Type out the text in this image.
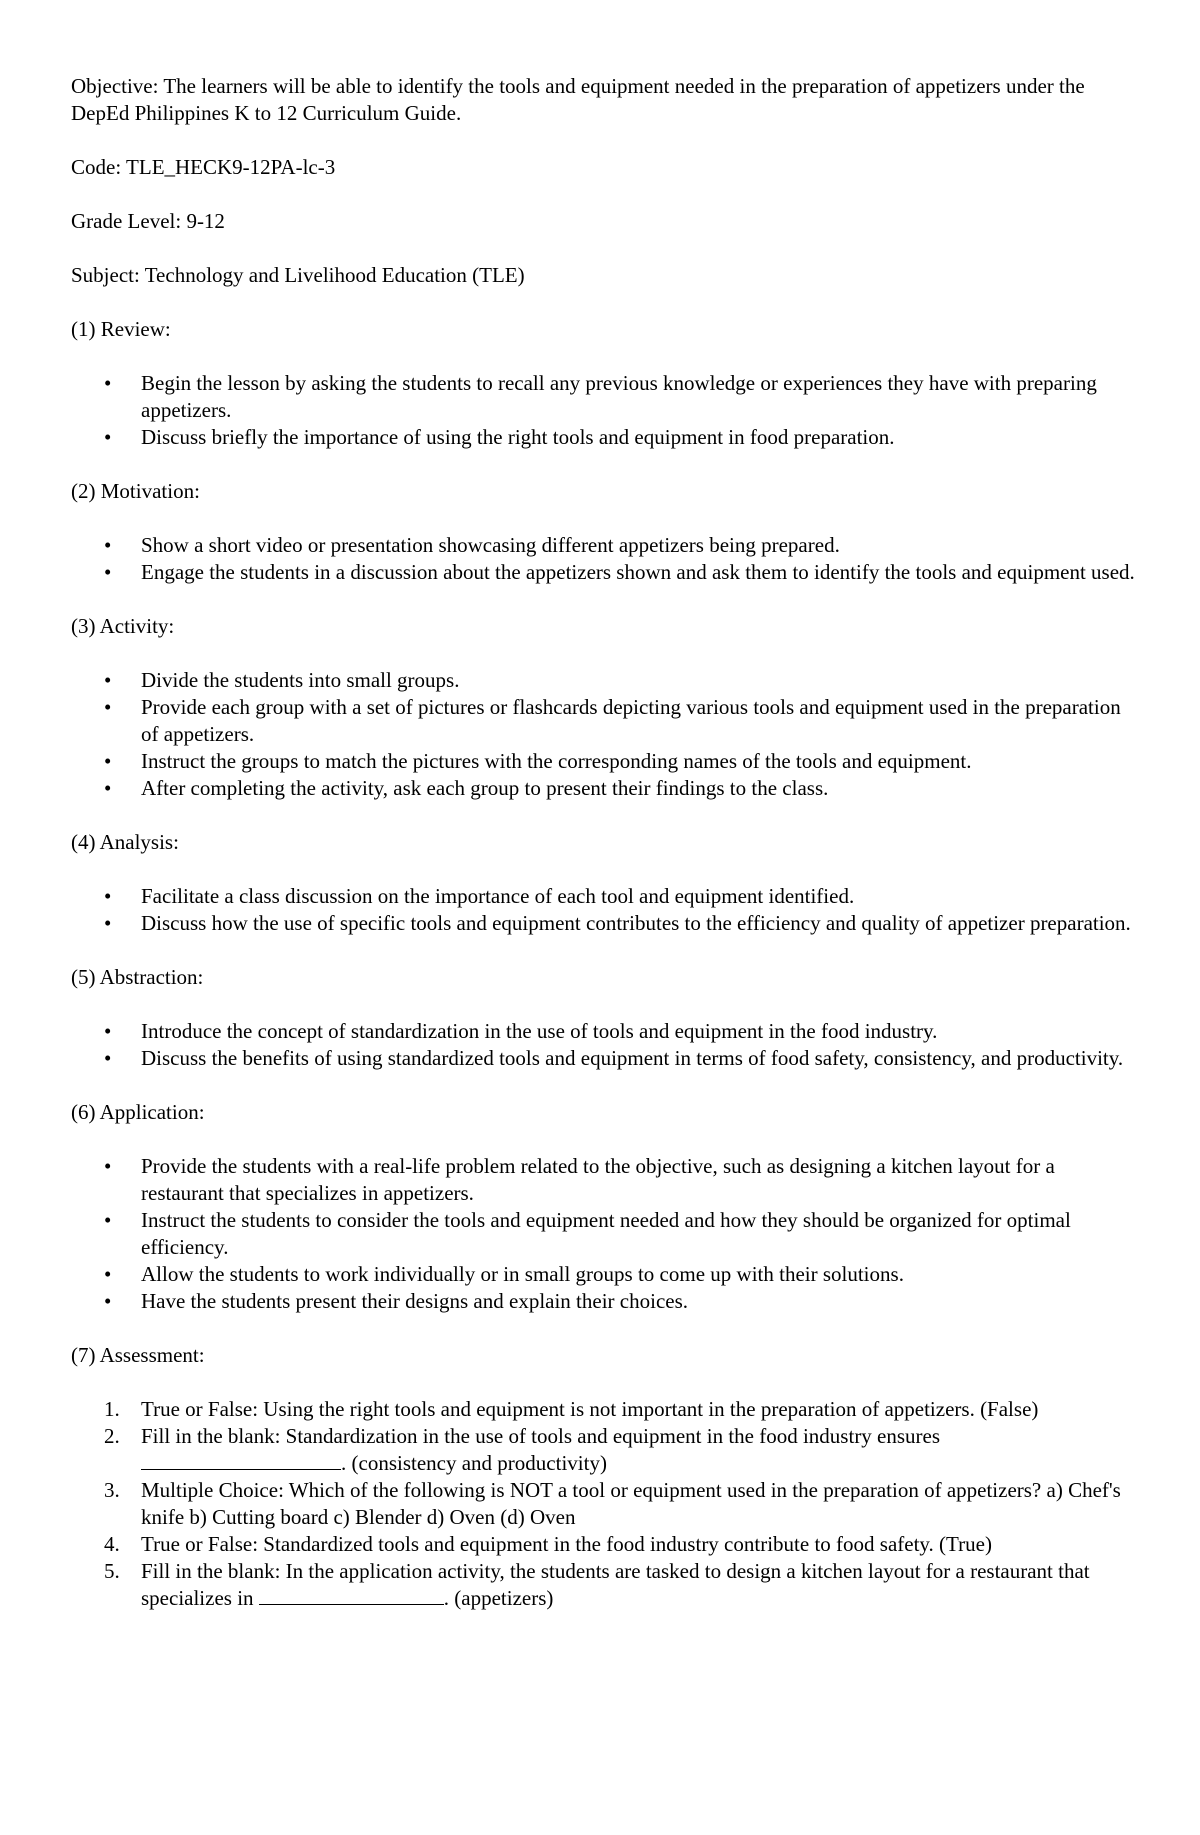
Objective: The learners will be able to identify the tools and equipment needed in the preparation of appetizers under the DepEd Philippines K to 12 Curriculum Guide.

Code: TLE_HECK9-12PA-lc-3

Grade Level: 9-12

Subject: Technology and Livelihood Education (TLE)

(1) Review:

• Begin the lesson by asking the students to recall any previous knowledge or experiences they have with preparing appetizers.
• Discuss briefly the importance of using the right tools and equipment in food preparation.

(2) Motivation:

• Show a short video or presentation showcasing different appetizers being prepared.
• Engage the students in a discussion about the appetizers shown and ask them to identify the tools and equipment used.

(3) Activity:

• Divide the students into small groups.
• Provide each group with a set of pictures or flashcards depicting various tools and equipment used in the preparation of appetizers.
• Instruct the groups to match the pictures with the corresponding names of the tools and equipment.
• After completing the activity, ask each group to present their findings to the class.

(4) Analysis:

• Facilitate a class discussion on the importance of each tool and equipment identified.
• Discuss how the use of specific tools and equipment contributes to the efficiency and quality of appetizer preparation.

(5) Abstraction:

• Introduce the concept of standardization in the use of tools and equipment in the food industry.
• Discuss the benefits of using standardized tools and equipment in terms of food safety, consistency, and productivity.

(6) Application:

• Provide the students with a real-life problem related to the objective, such as designing a kitchen layout for a restaurant that specializes in appetizers.
• Instruct the students to consider the tools and equipment needed and how they should be organized for optimal efficiency.
• Allow the students to work individually or in small groups to come up with their solutions.
• Have the students present their designs and explain their choices.

(7) Assessment:

1. True or False: Using the right tools and equipment is not important in the preparation of appetizers. (False)
2. Fill in the blank: Standardization in the use of tools and equipment in the food industry ensures . (consistency and productivity)
3. Multiple Choice: Which of the following is NOT a tool or equipment used in the preparation of appetizers? a) Chef's knife b) Cutting board c) Blender d) Oven (d) Oven
4. True or False: Standardized tools and equipment in the food industry contribute to food safety. (True)
5. Fill in the blank: In the application activity, the students are tasked to design a kitchen layout for a restaurant that specializes in	. (appetizers)
